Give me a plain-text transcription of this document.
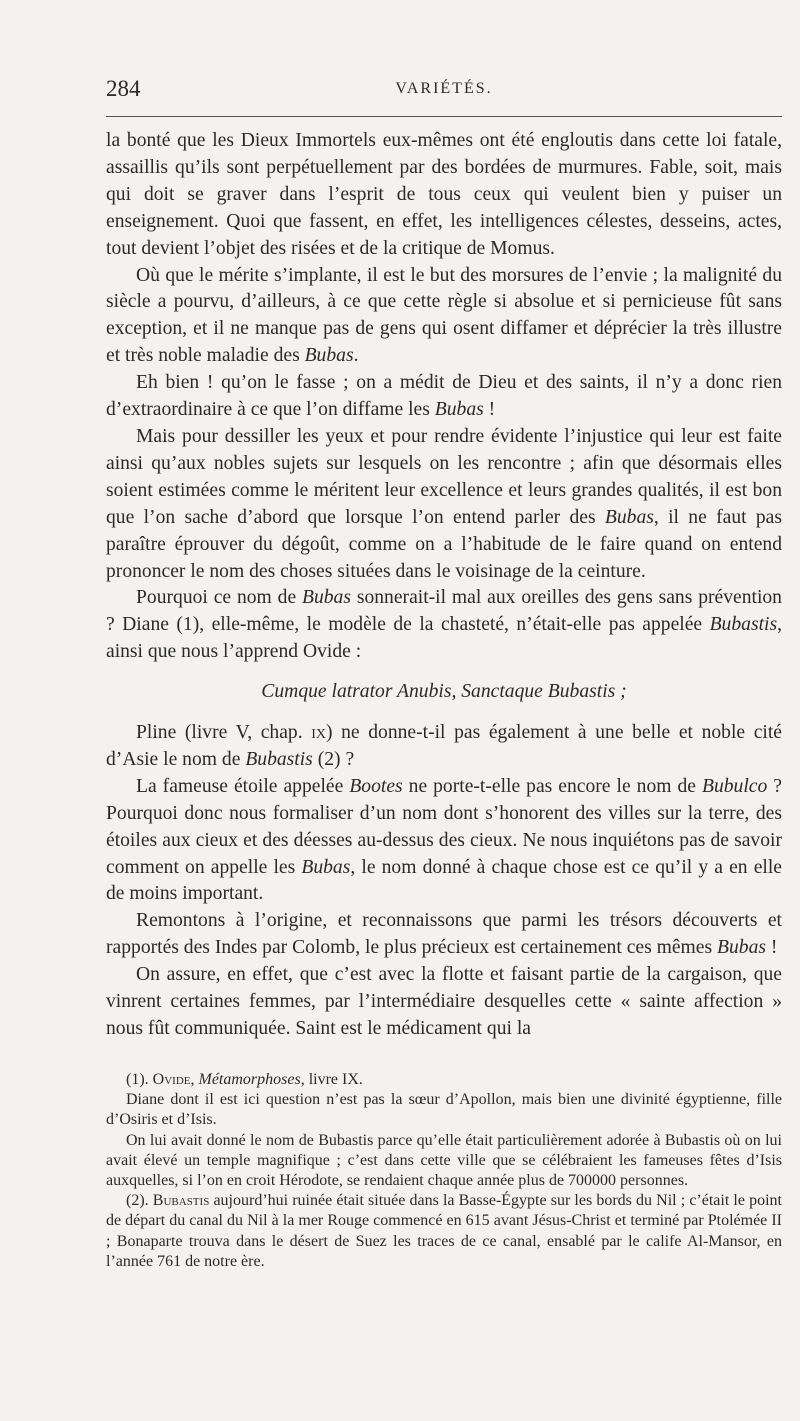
284	VARIÉTÉS.

la bonté que les Dieux Immortels eux-mêmes ont été engloutis dans cette loi fatale, assaillis qu’ils sont perpétuellement par des bordées de murmures. Fable, soit, mais qui doit se graver dans l’esprit de tous ceux qui veulent bien y puiser un enseignement. Quoi que fassent, en effet, les intelligences célestes, desseins, actes, tout devient l’objet des risées et de la critique de Momus.

Où que le mérite s’implante, il est le but des morsures de l’envie ; la malignité du siècle a pourvu, d’ailleurs, à ce que cette règle si absolue et si pernicieuse fût sans exception, et il ne manque pas de gens qui osent diffamer et déprécier la très illustre et très noble maladie des Bubas.

Eh bien ! qu’on le fasse ; on a médit de Dieu et des saints, il n’y a donc rien d’extraordinaire à ce que l’on diffame les Bubas !

Mais pour dessiller les yeux et pour rendre évidente l’injustice qui leur est faite ainsi qu’aux nobles sujets sur lesquels on les rencontre ; afin que désormais elles soient estimées comme le méritent leur excellence et leurs grandes qualités, il est bon que l’on sache d’abord que lorsque l’on entend parler des Bubas, il ne faut pas paraître éprouver du dégoût, comme on a l’habitude de le faire quand on entend prononcer le nom des choses situées dans le voisinage de la ceinture.

Pourquoi ce nom de Bubas sonnerait-il mal aux oreilles des gens sans prévention ? Diane (1), elle-même, le modèle de la chasteté, n’était-elle pas appelée Bubastis, ainsi que nous l’apprend Ovide :

Cumque latrator Anubis, Sanctaque Bubastis ;

Pline (livre V, chap. ix) ne donne-t-il pas également à une belle et noble cité d’Asie le nom de Bubastis (2) ?

La fameuse étoile appelée Bootes ne porte-t-elle pas encore le nom de Bubulco ? Pourquoi donc nous formaliser d’un nom dont s’honorent des villes sur la terre, des étoiles aux cieux et des déesses au-dessus des cieux. Ne nous inquiétons pas de savoir comment on appelle les Bubas, le nom donné à chaque chose est ce qu’il y a en elle de moins important.

Remontons à l’origine, et reconnaissons que parmi les trésors découverts et rapportés des Indes par Colomb, le plus précieux est certainement ces mêmes Bubas !

On assure, en effet, que c’est avec la flotte et faisant partie de la cargaison, que vinrent certaines femmes, par l’intermédiaire desquelles cette « sainte affection » nous fût communiquée. Saint est le médicament qui la

(1). Ovide, Métamorphoses, livre IX.

Diane dont il est ici question n’est pas la sœur d’Apollon, mais bien une divinité égyptienne, fille d’Osiris et d’Isis.

On lui avait donné le nom de Bubastis parce qu’elle était particulièrement adorée à Bubastis où on lui avait élevé un temple magnifique ; c’est dans cette ville que se célébraient les fameuses fêtes d’Isis auxquelles, si l’on en croit Hérodote, se rendaient chaque année plus de 700000 personnes.

(2). Bubastis aujourd’hui ruinée était située dans la Basse-Égypte sur les bords du Nil ; c’était le point de départ du canal du Nil à la mer Rouge commencé en 615 avant Jésus-Christ et terminé par Ptolémée II ; Bonaparte trouva dans le désert de Suez les traces de ce canal, ensablé par le calife Al-Mansor, en l’année 761 de notre ère.
